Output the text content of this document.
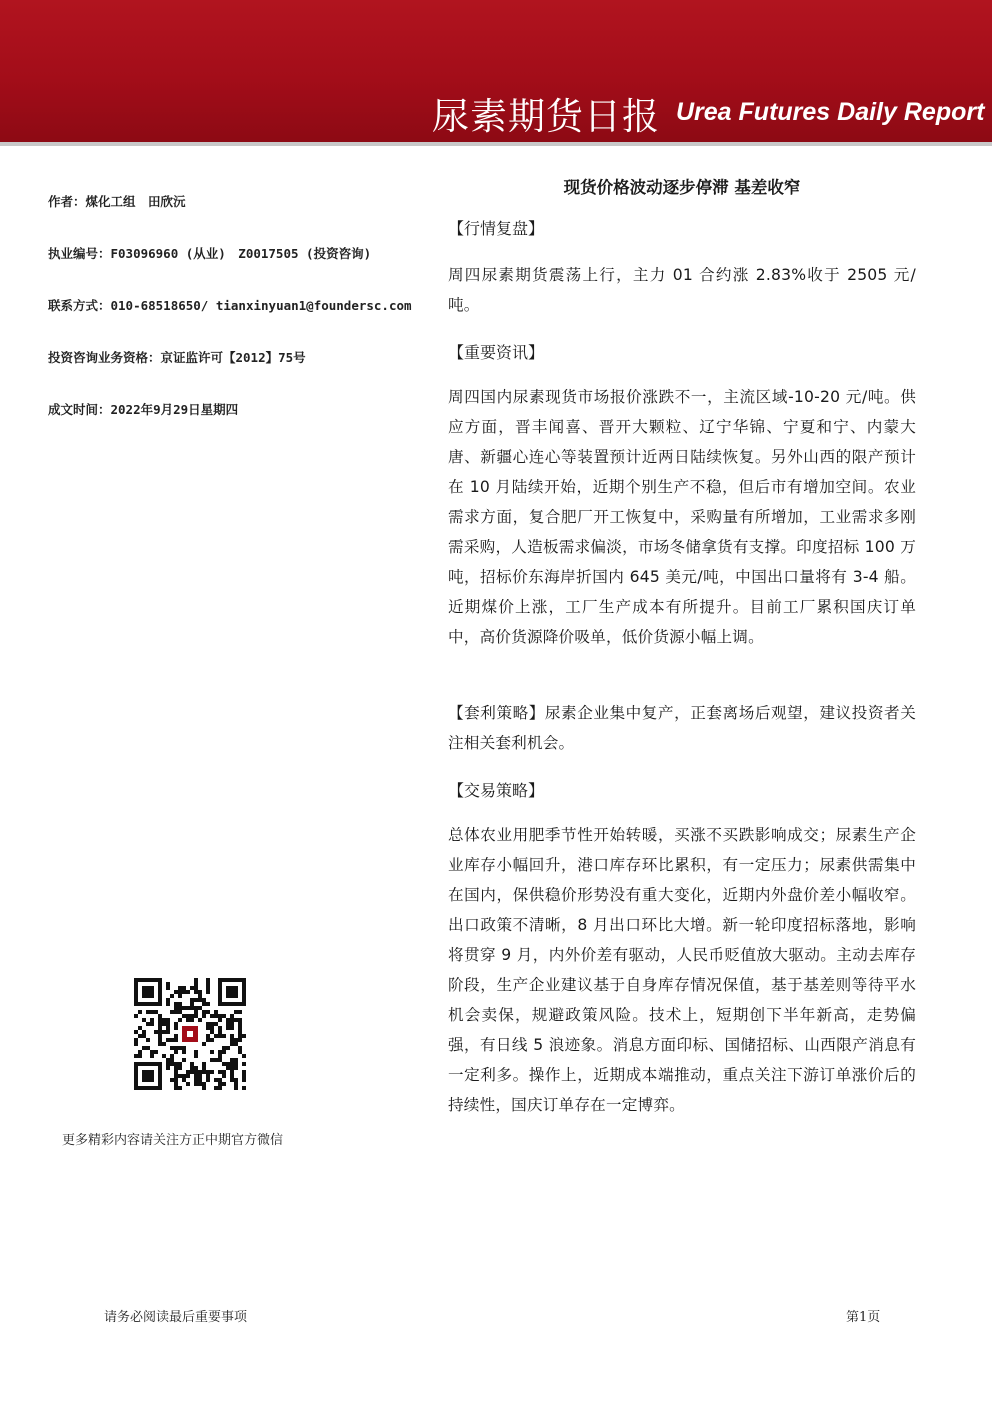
尿素期货日报 Urea Futures Daily Report
作者：煤化工组　田欣沅
执业编号：F03096960 (从业)　Z0017505 (投资咨询)
联系方式：010-68518650/ tianxinyuan1@foundersc.com
投资咨询业务资格：京证监许可【2012】75号
成文时间：2022年9月29日星期四
更多精彩内容请关注方正中期官方微信
现货价格波动逐步停滞 基差收窄
【行情复盘】
周四尿素期货震荡上行，主力 01 合约涨 2.83%收于 2505 元/吨。
【重要资讯】
周四国内尿素现货市场报价涨跌不一，主流区域-10-20 元/吨。供应方面，晋丰闻喜、晋开大颗粒、辽宁华锦、宁夏和宁、内蒙大唐、新疆心连心等装置预计近两日陆续恢复。另外山西的限产预计在 10 月陆续开始，近期个别生产不稳，但后市有增加空间。农业需求方面，复合肥厂开工恢复中，采购量有所增加，工业需求多刚需采购，人造板需求偏淡，市场冬储拿货有支撑。印度招标 100 万吨，招标价东海岸折国内 645 美元/吨，中国出口量将有 3-4 船。近期煤价上涨，工厂生产成本有所提升。目前工厂累积国庆订单中，高价货源降价吸单，低价货源小幅上调。
【套利策略】尿素企业集中复产，正套离场后观望，建议投资者关注相关套利机会。
【交易策略】
总体农业用肥季节性开始转暖，买涨不买跌影响成交；尿素生产企业库存小幅回升，港口库存环比累积，有一定压力；尿素供需集中在国内，保供稳价形势没有重大变化，近期内外盘价差小幅收窄。出口政策不清晰，8 月出口环比大增。新一轮印度招标落地，影响将贯穿 9 月，内外价差有驱动，人民币贬值放大驱动。主动去库存阶段，生产企业建议基于自身库存情况保值，基于基差则等待平水机会卖保，规避政策风险。技术上，短期创下半年新高，走势偏强，有日线 5 浪迹象。消息方面印标、国储招标、山西限产消息有一定利多。操作上，近期成本端推动，重点关注下游订单涨价后的持续性，国庆订单存在一定博弈。
请务必阅读最后重要事项	第1页
